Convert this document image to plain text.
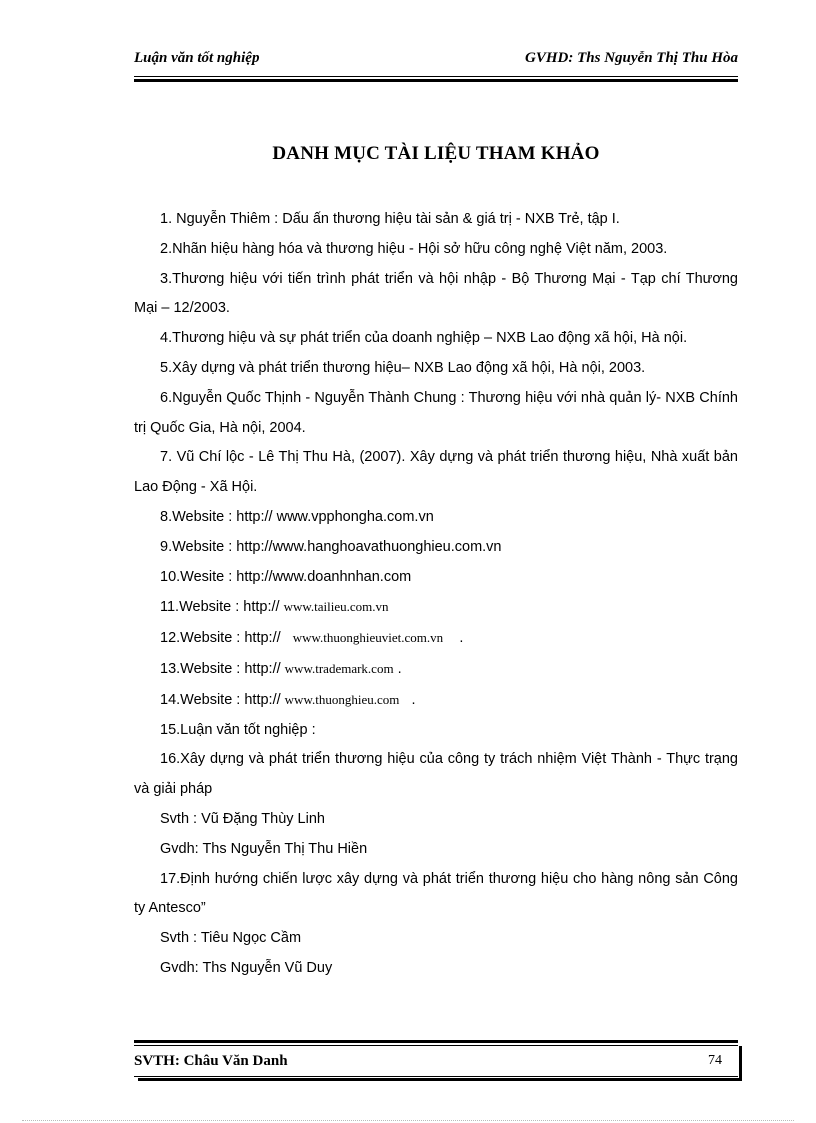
Luận văn tốt nghiệp	GVHD: Ths Nguyễn Thị Thu Hòa
DANH MỤC TÀI LIỆU THAM KHẢO

1. Nguyễn Thiêm : Dấu ấn thương hiệu tài sản & giá trị - NXB Trẻ, tập I.

2.Nhãn hiệu hàng hóa và thương hiệu - Hội sở hữu công nghệ Việt năm, 2003.

3.Thương hiệu với tiến trình phát triển và hội nhập - Bộ Thương Mại - Tạp chí Thương Mại – 12/2003.

4.Thương hiệu và sự phát triển của doanh nghiệp – NXB Lao động xã hội, Hà nội.

5.Xây dựng và phát triển thương hiệu– NXB Lao động xã hội, Hà nội, 2003.

6.Nguyễn Quốc Thịnh - Nguyễn Thành Chung : Thương hiệu với nhà quản lý- NXB Chính trị Quốc Gia, Hà nội, 2004.

7. Vũ Chí lộc - Lê Thị Thu Hà, (2007). Xây dựng và phát triển thương hiệu, Nhà xuất bản Lao Động - Xã Hội.

8.Website : http:// www.vpphongha.com.vn

9.Website : http://www.hanghoavathuonghieu.com.vn

10.Wesite : http://www.doanhnhan.com

11.Website : http:// www.tailieu.com.vn

12.Website : http:// www.thuonghieuviet.com.vn .

13.Website : http:// www.trademark.com .

14.Website : http:// www.thuonghieu.com .

15.Luận văn tốt nghiệp :

16.Xây dựng và phát triển thương hiệu của công ty trách nhiệm Việt Thành - Thực trạng và giải pháp

Svth : Vũ Đặng Thùy Linh

Gvdh: Ths Nguyễn Thị Thu Hiền

17.Định hướng chiến lược xây dựng và phát triển thương hiệu cho hàng nông sản Công ty Antesco”

Svth : Tiêu Ngọc Cầm

Gvdh: Ths Nguyễn Vũ Duy

SVTH: Châu Văn Danh	74
